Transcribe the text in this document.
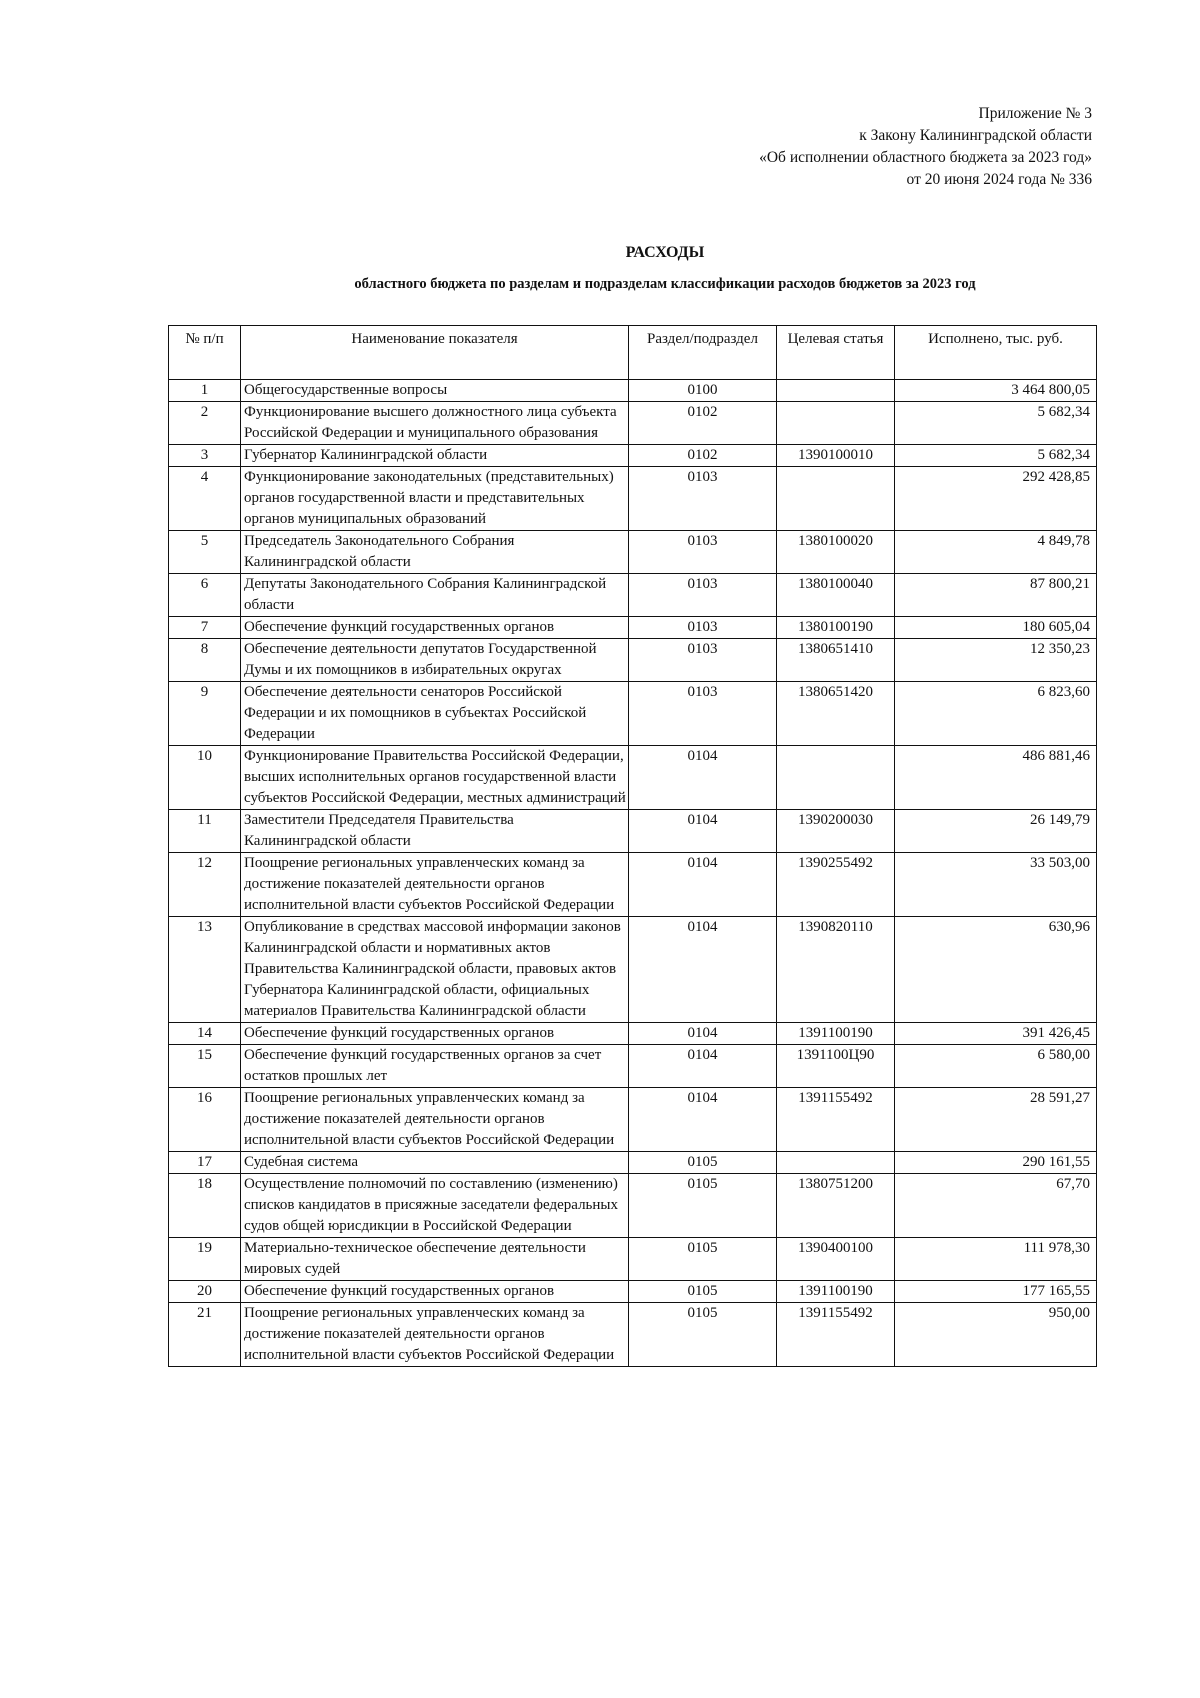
Приложение № 3
к Закону Калининградской области
«Об исполнении областного бюджета за 2023 год»
от 20 июня 2024 года № 336
РАСХОДЫ
областного бюджета по разделам и подразделам классификации расходов бюджетов за 2023 год
№ п/п	Наименование показателя	Раздел/подраздел	Целевая статья	Исполнено, тыс. руб.
1	Общегосударственные вопросы	0100		3 464 800,05
2	Функционирование высшего должностного лица субъекта Российской Федерации и муниципального образования	0102		5 682,34
3	Губернатор Калининградской области	0102	1390100010	5 682,34
4	Функционирование законодательных (представительных) органов государственной власти и представительных органов муниципальных образований	0103		292 428,85
5	Председатель Законодательного Собрания Калининградской области	0103	1380100020	4 849,78
6	Депутаты Законодательного Собрания Калининградской области	0103	1380100040	87 800,21
7	Обеспечение функций государственных органов	0103	1380100190	180 605,04
8	Обеспечение деятельности депутатов Государственной Думы и их помощников в избирательных округах	0103	1380651410	12 350,23
9	Обеспечение деятельности сенаторов Российской Федерации и их помощников в субъектах Российской Федерации	0103	1380651420	6 823,60
10	Функционирование Правительства Российской Федерации, высших исполнительных органов государственной власти субъектов Российской Федерации, местных администраций	0104		486 881,46
11	Заместители Председателя Правительства Калининградской области	0104	1390200030	26 149,79
12	Поощрение региональных управленческих команд за достижение показателей деятельности органов исполнительной власти субъектов Российской Федерации	0104	1390255492	33 503,00
13	Опубликование в средствах массовой информации законов Калининградской области и нормативных актов Правительства Калининградской области, правовых актов Губернатора Калининградской области, официальных материалов Правительства Калининградской области	0104	1390820110	630,96
14	Обеспечение функций государственных органов	0104	1391100190	391 426,45
15	Обеспечение функций государственных органов за счет остатков прошлых лет	0104	1391100Ц90	6 580,00
16	Поощрение региональных управленческих команд за достижение показателей деятельности органов исполнительной власти субъектов Российской Федерации	0104	1391155492	28 591,27
17	Судебная система	0105		290 161,55
18	Осуществление полномочий по составлению (изменению) списков кандидатов в присяжные заседатели федеральных судов общей юрисдикции в Российской Федерации	0105	1380751200	67,70
19	Материально-техническое обеспечение деятельности мировых судей	0105	1390400100	111 978,30
20	Обеспечение функций государственных органов	0105	1391100190	177 165,55
21	Поощрение региональных управленческих команд за достижение показателей деятельности органов исполнительной власти субъектов Российской Федерации	0105	1391155492	950,00
